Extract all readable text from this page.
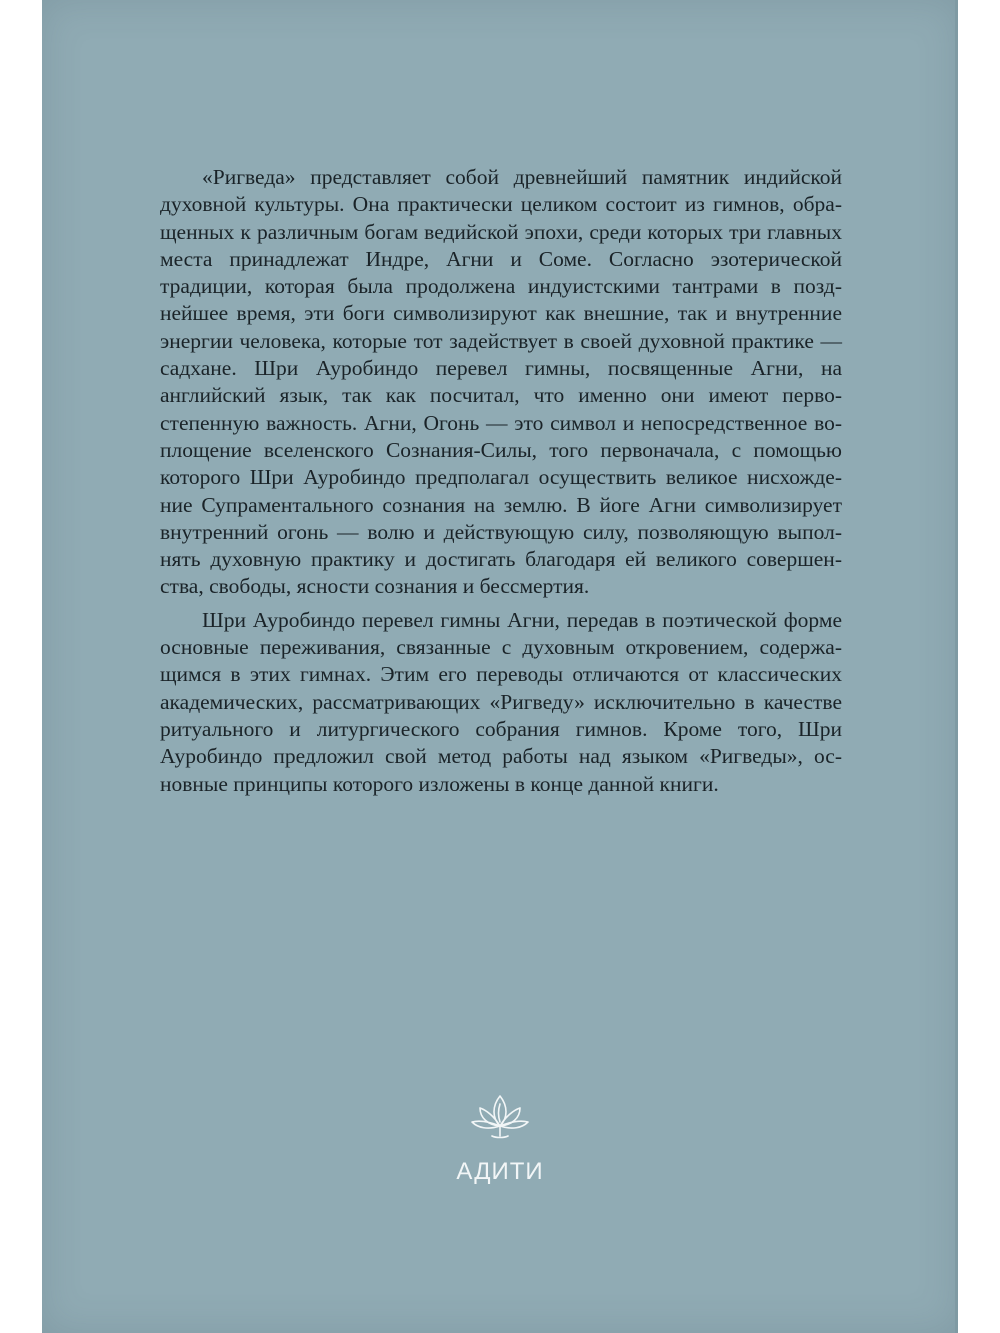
«Ригведа» представляет собой древнейший памятник индийской духовной культуры. Она практически целиком состоит из гимнов, обращенных к различным богам ведийской эпохи, среди которых три главных места принадлежат Индре, Агни и Соме. Согласно эзотерической традиции, которая была продолжена индуистскими тантрами в позднейшее время, эти боги символизируют как внешние, так и внутренние энергии человека, которые тот задействует в своей духовной практике — садхане. Шри Ауробиндо перевел гимны, посвященные Агни, на английский язык, так как посчитал, что именно они имеют первостепенную важность. Агни, Огонь — это символ и непосредственное воплощение вселенского Сознания-Силы, того первоначала, с помощью которого Шри Ауробиндо предполагал осуществить великое нисхождение Супраментального сознания на землю. В йоге Агни символизирует внутренний огонь — волю и действующую силу, позволяющую выполнять духовную практику и достигать благодаря ей великого совершенства, свободы, ясности сознания и бессмертия.

Шри Ауробиндо перевел гимны Агни, передав в поэтической форме основные переживания, связанные с духовным откровением, содержащимся в этих гимнах. Этим его переводы отличаются от классических академических, рассматривающих «Ригведу» исключительно в качестве ритуального и литургического собрания гимнов. Кроме того, Шри Ауробиндо предложил свой метод работы над языком «Ригведы», основные принципы которого изложены в конце данной книги.

АДИТИ
